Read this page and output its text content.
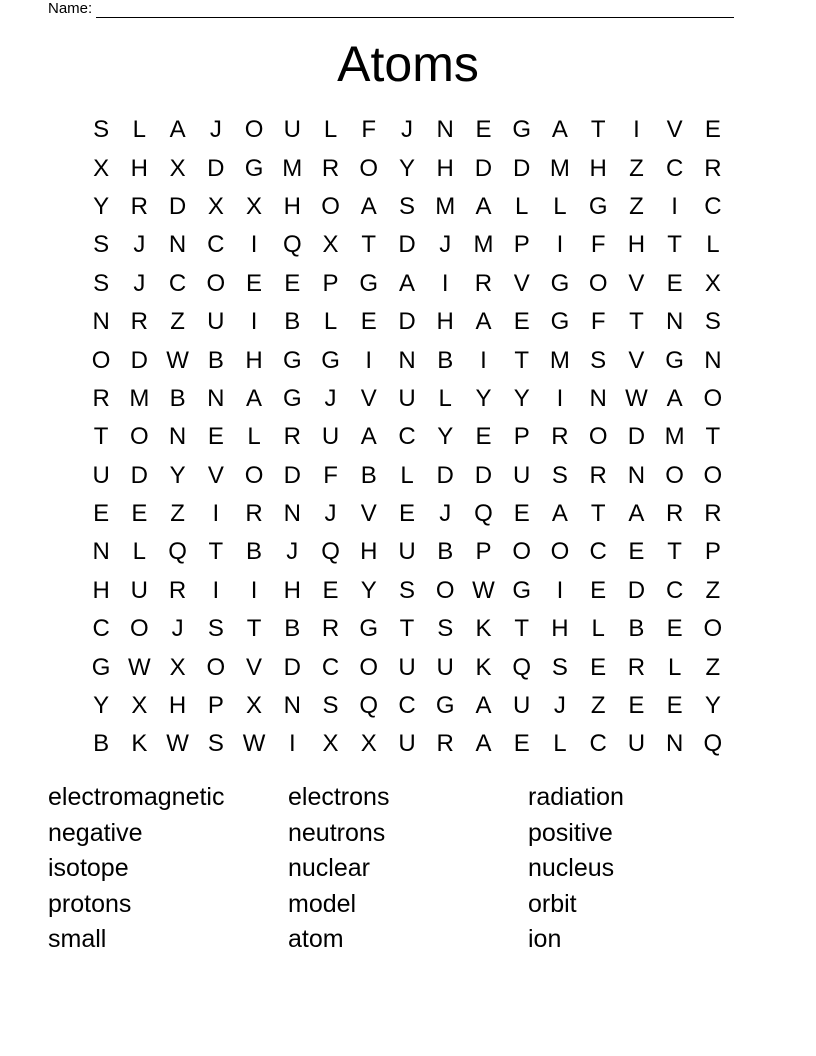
Name:
Atoms
S L A	J O U L	F	J N E G A T	I	V E
X H X D G M R O Y H D D M H Z C R
Y R D X X H O A S M A L	L G Z	I	C
S	J N C	I	Q X T D J M P	I	F H T	L
S	J C O E E P G A	I	R V G O V E X
N R Z U	I	B L E D H A E G F T N S
O D W B H G G	I	N B	I	T M S V G N
R M B N A G J	V U L Y Y	I	N W A O
T O N E L R U A C Y E P R O D M T
U D Y V O D F B L D D U S R N O O
E E Z	I	R N J	V E	J Q E A T A R R
N L Q T B	J Q H U B P O O C E T P
H U R	I	I	H E Y S O W G	I	E D C Z
C O J	S T B R G T S K T H L B E O
G W X O V D C O U U K Q S E R L	Z
Y X H P X N S Q C G A U J	Z E E Y
B K W S W I	X X U R A E L C U N Q
electromagnetic	electrons	radiation
negative	neutrons	positive
isotope	nuclear	nucleus
protons	model	orbit
small	atom	ion
